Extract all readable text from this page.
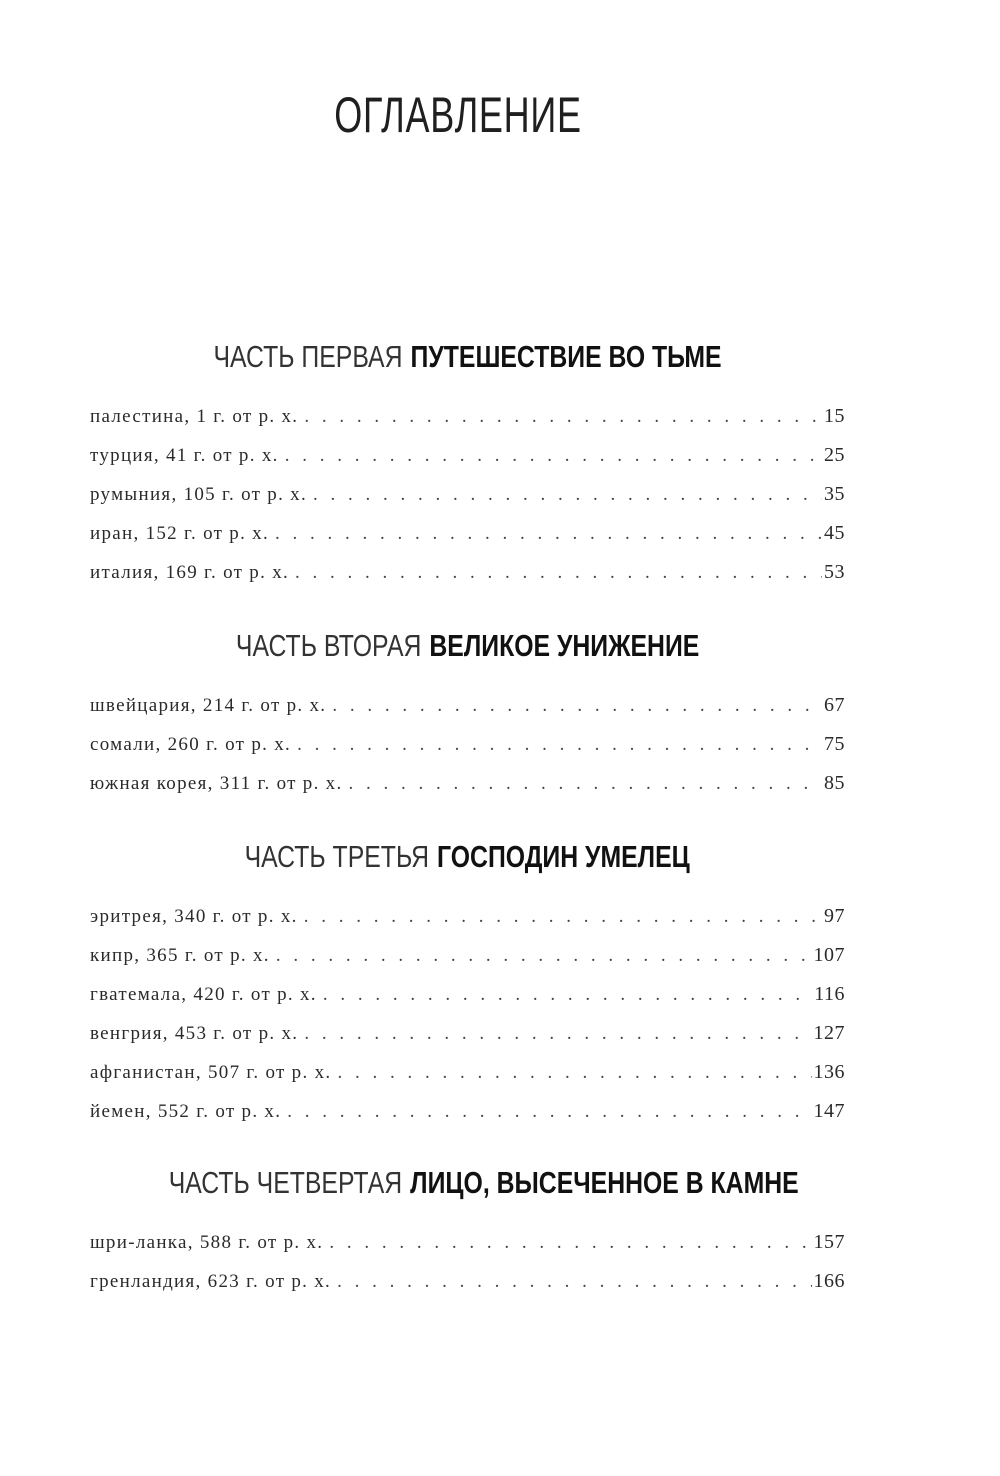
ОГЛАВЛЕНИЕ
ЧАСТЬ ПЕРВАЯ ПУТЕШЕСТВИЕ ВО ТЬМЕ
палестина, 1 г. от р. х. . . .	15
турция, 41 г. от р. х. . . .	25
румыния, 105 г. от р. х. . . .	35
иран, 152 г. от р. х. . . .	45
италия, 169 г. от р. х. . . .	53
ЧАСТЬ ВТОРАЯ ВЕЛИКОЕ УНИЖЕНИЕ
швейцария, 214 г. от р. х. . . .	67
сомали, 260 г. от р. х. . . .	75
южная корея, 311 г. от р. х. . . .	85
ЧАСТЬ ТРЕТЬЯ ГОСПОДИН УМЕЛЕЦ
эритрея, 340 г. от р. х. . . .	97
кипр, 365 г. от р. х. . . .	107
гватемала, 420 г. от р. х. . . .	116
венгрия, 453 г. от р. х. . . .	127
афганистан, 507 г. от р. х. . . .	136
йемен, 552 г. от р. х. . . .	147
ЧАСТЬ ЧЕТВЕРТАЯ ЛИЦО, ВЫСЕЧЕННОЕ В КАМНЕ
шри-ланка, 588 г. от р. х. . . .	157
гренландия, 623 г. от р. х. . . .	166
